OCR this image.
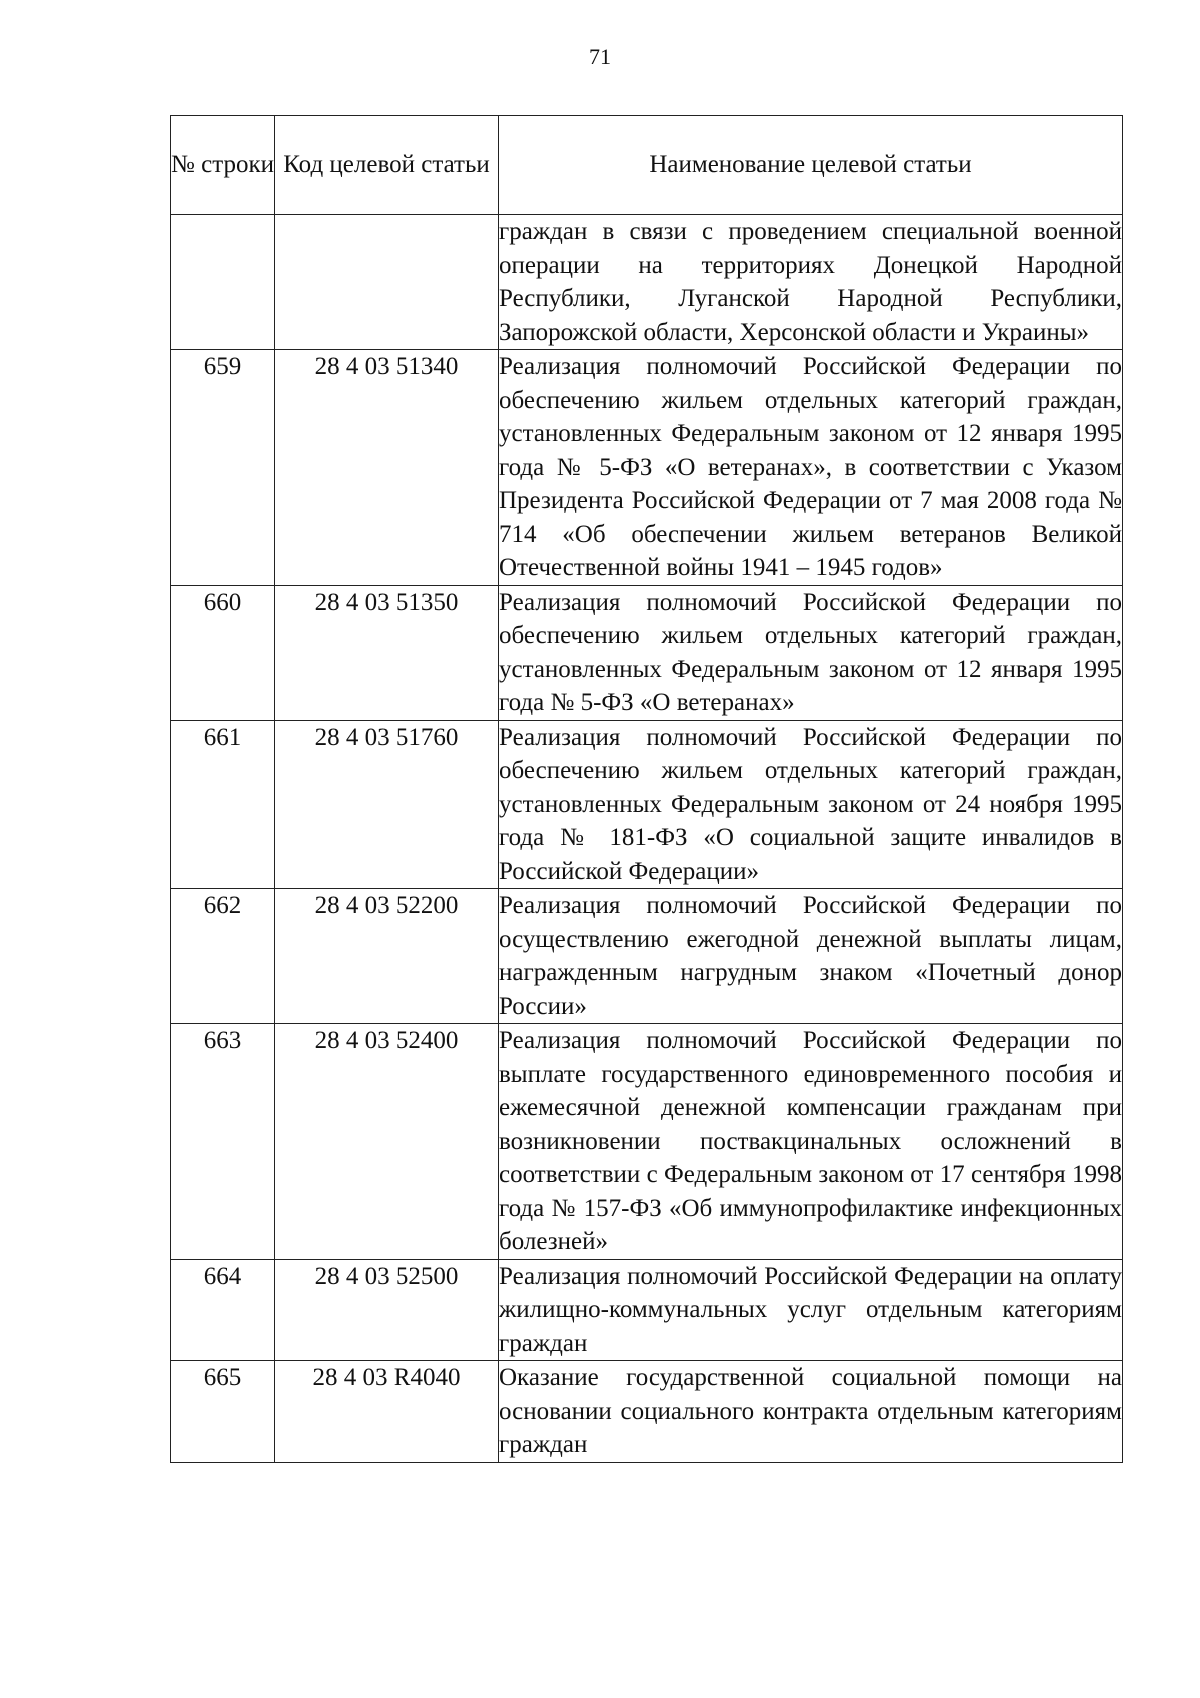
71
№ строки	Код целевой статьи	Наименование целевой статьи
		граждан в связи с проведением специальной военной операции на территориях Донецкой Народной Республики, Луганской Народной Республики, Запорожской области, Херсонской области и Украины»
659	28 4 03 51340	Реализация полномочий Российской Федерации по обеспечению жильем отдельных категорий граждан, установленных Федеральным законом от 12 января 1995 года № 5-ФЗ «О ветеранах», в соответствии с Указом Президента Российской Федерации от 7 мая 2008 года № 714 «Об обеспечении жильем ветеранов Великой Отечественной войны 1941 – 1945 годов»
660	28 4 03 51350	Реализация полномочий Российской Федерации по обеспечению жильем отдельных категорий граждан, установленных Федеральным законом от 12 января 1995 года № 5-ФЗ «О ветеранах»
661	28 4 03 51760	Реализация полномочий Российской Федерации по обеспечению жильем отдельных категорий граждан, установленных Федеральным законом от 24 ноября 1995 года № 181-ФЗ «О социальной защите инвалидов в Российской Федерации»
662	28 4 03 52200	Реализация полномочий Российской Федерации по осуществлению ежегодной денежной выплаты лицам, награжденным нагрудным знаком «Почетный донор России»
663	28 4 03 52400	Реализация полномочий Российской Федерации по выплате государственного единовременного пособия и ежемесячной денежной компенсации гражданам при возникновении поствакцинальных осложнений в соответствии с Федеральным законом от 17 сентября 1998 года № 157-ФЗ «Об иммунопрофилактике инфекционных болезней»
664	28 4 03 52500	Реализация полномочий Российской Федерации на оплату жилищно-коммунальных услуг отдельным категориям граждан
665	28 4 03 R4040	Оказание государственной социальной помощи на основании социального контракта отдельным категориям граждан
